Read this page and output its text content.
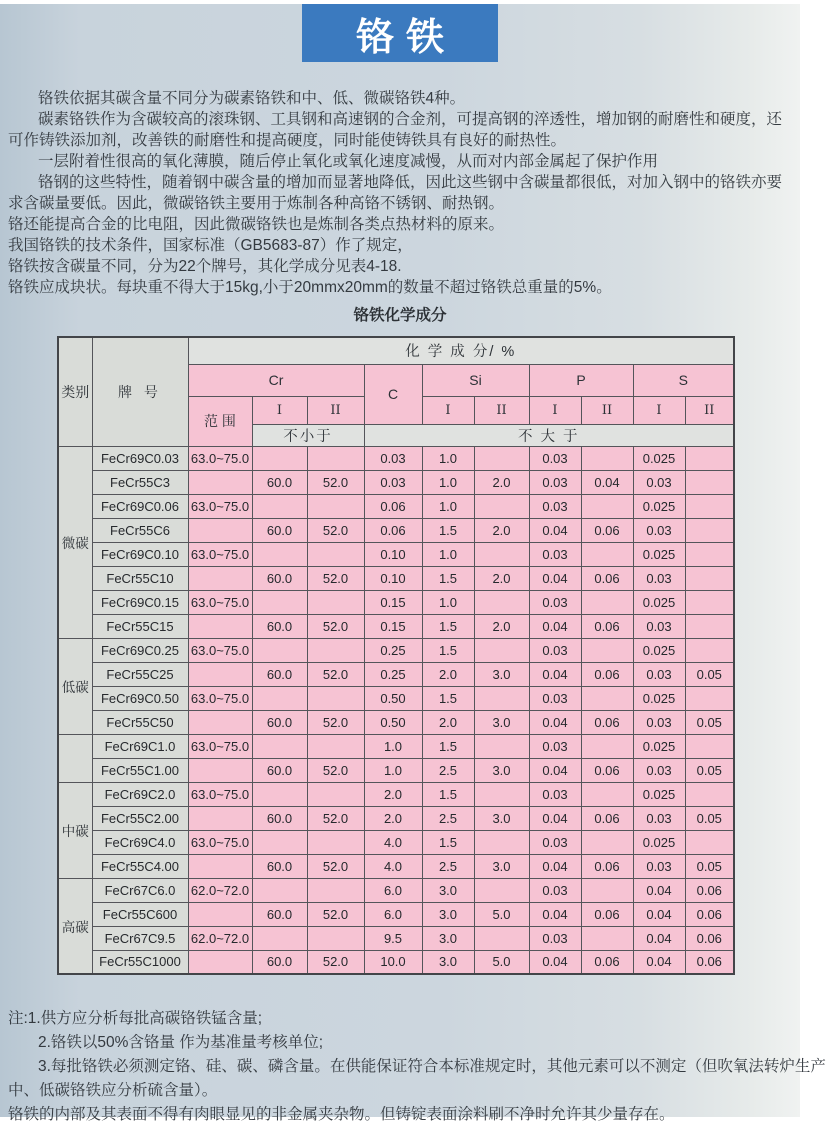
铬铁
铬铁依据其碳含量不同分为碳素铬铁和中、低、微碳铬铁4种。
碳素铬铁作为含碳较高的滚珠钢、工具钢和高速钢的合金剂，可提高钢的淬透性，增加钢的耐磨性和硬度，还
可作铸铁添加剂，改善铁的耐磨性和提高硬度，同时能使铸铁具有良好的耐热性。
一层附着性很高的氧化薄膜，随后停止氧化或氧化速度减慢，从而对内部金属起了保护作用
铬钢的这些特性，随着钢中碳含量的增加而显著地降低，因此这些钢中含碳量都很低，对加入钢中的铬铁亦要
求含碳量要低。因此，微碳铬铁主要用于炼制各种高铬不锈钢、耐热钢。
铬还能提高合金的比电阻，因此微碳铬铁也是炼制各类点热材料的原来。
我国铬铁的技术条件，国家标准（GB5683-87）作了规定，
铬铁按含碳量不同，分为22个牌号，其化学成分见表4-18.
铬铁应成块状。每块重不得大于15kg,小于20mmx20mm的数量不超过铬铁总重量的5%。
铬铁化学成分
类别	牌 号	化 学 成 分/ %									
		Cr			C	Si		P		S	
		范 围	I	II		I	II	I	II	I	II
			不小于		不 大 于						
微碳	FeCr69C0.03	63.0~75.0			0.03	1.0		0.03		0.025	
	FeCr55C3		60.0	52.0	0.03	1.0	2.0	0.03	0.04	0.03	
	FeCr69C0.06	63.0~75.0			0.06	1.0		0.03		0.025	
	FeCr55C6		60.0	52.0	0.06	1.5	2.0	0.04	0.06	0.03	
	FeCr69C0.10	63.0~75.0			0.10	1.0		0.03		0.025	
	FeCr55C10		60.0	52.0	0.10	1.5	2.0	0.04	0.06	0.03	
	FeCr69C0.15	63.0~75.0			0.15	1.0		0.03		0.025	
	FeCr55C15		60.0	52.0	0.15	1.5	2.0	0.04	0.06	0.03	
低碳	FeCr69C0.25	63.0~75.0			0.25	1.5		0.03		0.025	
	FeCr55C25		60.0	52.0	0.25	2.0	3.0	0.04	0.06	0.03	0.05
	FeCr69C0.50	63.0~75.0			0.50	1.5		0.03		0.025	
	FeCr55C50		60.0	52.0	0.50	2.0	3.0	0.04	0.06	0.03	0.05
	FeCr69C1.0	63.0~75.0			1.0	1.5		0.03		0.025	
	FeCr55C1.00		60.0	52.0	1.0	2.5	3.0	0.04	0.06	0.03	0.05
中碳	FeCr69C2.0	63.0~75.0			2.0	1.5		0.03		0.025	
	FeCr55C2.00		60.0	52.0	2.0	2.5	3.0	0.04	0.06	0.03	0.05
	FeCr69C4.0	63.0~75.0			4.0	1.5		0.03		0.025	
	FeCr55C4.00		60.0	52.0	4.0	2.5	3.0	0.04	0.06	0.03	0.05
高碳	FeCr67C6.0	62.0~72.0			6.0	3.0		0.03		0.04	0.06
	FeCr55C600		60.0	52.0	6.0	3.0	5.0	0.04	0.06	0.04	0.06
	FeCr67C9.5	62.0~72.0			9.5	3.0		0.03		0.04	0.06
	FeCr55C1000		60.0	52.0	10.0	3.0	5.0	0.04	0.06	0.04	0.06
注:1.供方应分析每批高碳铬铁锰含量;
2.铬铁以50%含铬量 作为基准量考核单位;
3.每批铬铁必须测定铬、硅、碳、磷含量。在供能保证符合本标准规定时，其他元素可以不测定（但吹氧法转炉生产
中、低碳铬铁应分析硫含量）。
铬铁的内部及其表面不得有肉眼显见的非金属夹杂物。但铸锭表面涂料刷不净时允许其少量存在。
